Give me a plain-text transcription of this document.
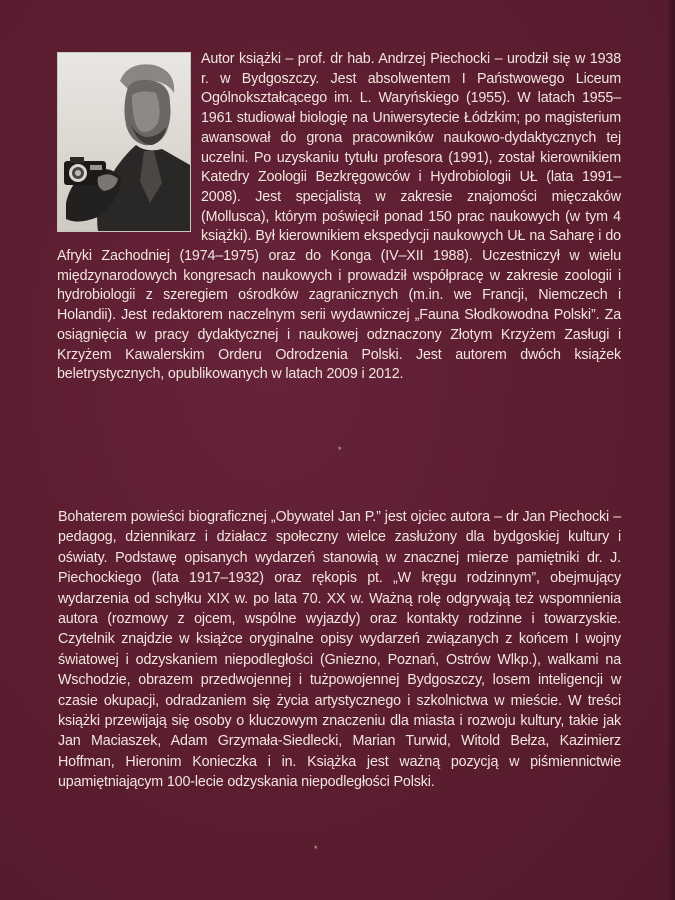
Autor książki – prof. dr hab. Andrzej Piechocki – urodził się w 1938 r. w Bydgoszczy. Jest absolwentem I Państwowego Liceum Ogólnokształcącego im. L. Waryńskiego (1955). W latach 1955–1961 studiował biologię na Uniwersytecie Łódzkim; po magisterium awansował do grona pracowników naukowo-dydaktycznych tej uczelni. Po uzyskaniu tytułu profesora (1991), został kierownikiem Katedry Zoologii Bezkręgowców i Hydrobiologii UŁ (lata 1991–2008). Jest specjalistą w zakresie znajomości mięczaków (Mollusca), którym poświęcił ponad 150 prac naukowych (w tym 4 książki). Był kierownikiem ekspedycji naukowych UŁ na Saharę i do Afryki Zachodniej (1974–1975) oraz do Konga (IV–XII 1988). Uczestniczył w wielu międzynarodowych kongresach naukowych i prowadził współpracę w zakresie zoologii i hydrobiologii z szeregiem ośrodków zagranicznych (m.in. we Francji, Niemczech i Holandii). Jest redaktorem naczelnym serii wydawniczej „Fauna Słodkowodna Polski”. Za osiągnięcia w pracy dydaktycznej i naukowej odznaczony Złotym Krzyżem Zasługi i Krzyżem Kawalerskim Orderu Odrodzenia Polski. Jest autorem dwóch książek beletrystycznych, opublikowanych w latach 2009 i 2012.

*

Bohaterem powieści biograficznej „Obywatel Jan P.” jest ojciec autora – dr Jan Piechocki – pedagog, dziennikarz i działacz społeczny wielce zasłużony dla bydgoskiej kultury i oświaty. Podstawę opisanych wydarzeń stanowią w znacznej mierze pamiętniki dr. J. Piechockiego (lata 1917–1932) oraz rękopis pt. „W kręgu rodzinnym”, obejmujący wydarzenia od schyłku XIX w. po lata 70. XX w. Ważną rolę odgrywają też wspomnienia autora (rozmowy z ojcem, wspólne wyjazdy) oraz kontakty rodzinne i towarzyskie. Czytelnik znajdzie w książce oryginalne opisy wydarzeń związanych z końcem I wojny światowej i odzyskaniem niepodległości (Gniezno, Poznań, Ostrów Wlkp.), walkami na Wschodzie, obrazem przedwojennej i tużpowojennej Bydgoszczy, losem inteligencji w czasie okupacji, odradzaniem się życia artystycznego i szkolnictwa w mieście. W treści książki przewijają się osoby o kluczowym znaczeniu dla miasta i rozwoju kultury, takie jak Jan Maciaszek, Adam Grzymała-Siedlecki, Marian Turwid, Witold Bełza, Kazimierz Hoffman, Hieronim Konieczka i in. Książka jest ważną pozycją w piśmiennictwie upamiętniającym 100-lecie odzyskania niepodległości Polski.

*
